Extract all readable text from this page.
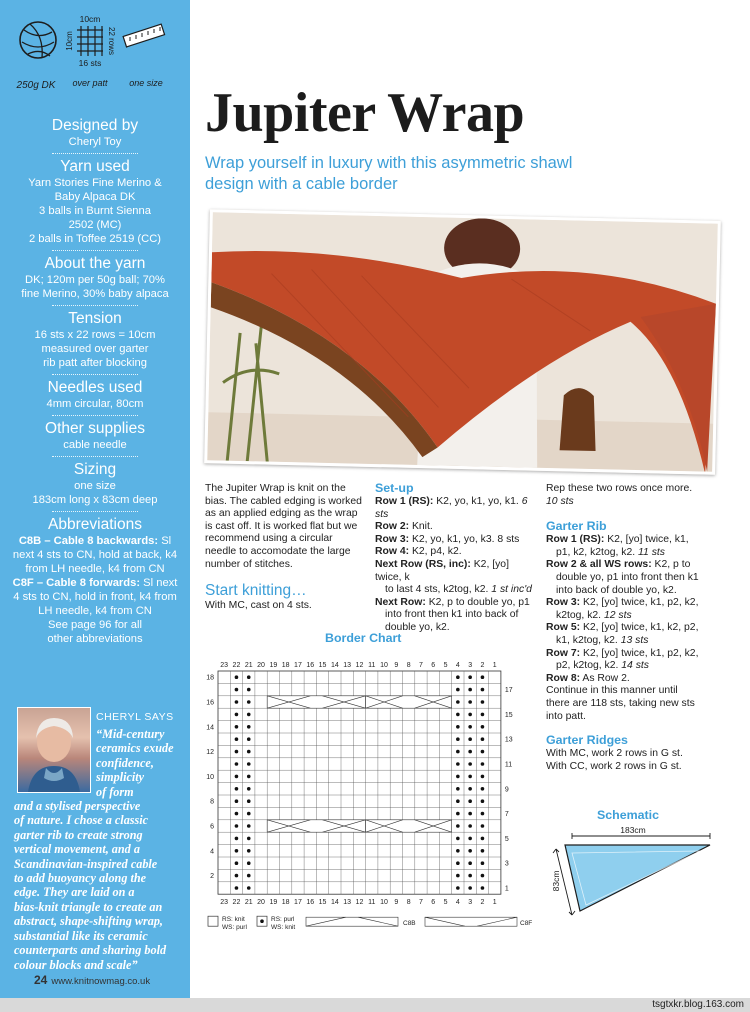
10cm
16 sts
10cm	22 rows
250g DK over patt one size
Designed by
Cheryl Toy
Yarn used
Yarn Stories Fine Merino &
Baby Alpaca DK
3 balls in Burnt Sienna
2502 (MC)
2 balls in Toffee 2519 (CC)
About the yarn
DK; 120m per 50g ball; 70%
fine Merino, 30% baby alpaca
Tension
16 sts x 22 rows = 10cm
measured over garter
rib patt after blocking
Needles used
4mm circular, 80cm
Other supplies
cable needle
Sizing
one size
183cm long x 83cm deep
Abbreviations
C8B – Cable 8 backwards: Sl next 4 sts to CN, hold at back, k4 from LH needle, k4 from CN
C8F – Cable 8 forwards: Sl next 4 sts to CN, hold in front, k4 from LH needle, k4 from CN
See page 96 for all other abbreviations
CHERYL SAYS
“Mid-century
ceramics exude
confidence,
simplicity
of form
and a stylised perspective
of nature. I chose a classic
garter rib to create strong
vertical movement, and a
Scandinavian-inspired cable
to add buoyancy along the
edge. They are laid on a
bias-knit triangle to create an
abstract, shape-shifting wrap,
substantial like its ceramic
counterparts and sharing bold
colour blocks and scale”
24 www.knitnowmag.co.uk
tsgtxkr.blog.163.com
Jupiter Wrap
Wrap yourself in luxury with this asymmetric shawl design with a cable border
The Jupiter Wrap is knit on the bias. The cabled edging is worked as an applied edging as the wrap is cast off. It is worked flat but we recommend using a circular needle to accomodate the large number of stitches.
Start knitting…
With MC, cast on 4 sts.
Set-up
Row 1 (RS): K2, yo, k1, yo, k1. 6 sts
Row 2: Knit.
Row 3: K2, yo, k1, yo, k3. 8 sts
Row 4: K2, p4, k2.
Next Row (RS, inc): K2, [yo] twice, k
to last 4 sts, k2tog, k2. 1 st inc'd
Next Row: K2, p to double yo, p1
into front then k1 into back of
double yo, k2.
Rep these two rows once more.
10 sts
Garter Rib
Row 1 (RS): K2, [yo] twice, k1,
p1, k2, k2tog, k2. 11 sts
Row 2 & all WS rows: K2, p to
double yo, p1 into front then k1
into back of double yo, k2.
Row 3: K2, [yo] twice, k1, p2, k2,
k2tog, k2. 12 sts
Row 5: K2, [yo] twice, k1, k2, p2,
k1, k2tog, k2. 13 sts
Row 7: K2, [yo] twice, k1, p2, k2,
p2, k2tog, k2. 14 sts
Row 8: As Row 2.
Continue in this manner until
there are 118 sts, taking new sts
into patt.
Garter Ridges
With MC, work 2 rows in G st.
With CC, work 2 rows in G st.
Border Chart
23
23
22
22
21
21
20
20
19
19
18
18
17
17
16
16
15
15
14
14
13
13
12
12
11
11
10
10
9
9
8
8
7
7
6
6
5
5
4
4
3
3
2
2
1
1
18
16
14
12
10
8
6
4
2
17
15
13
11
9
7
5
3
1
RS: knit
WS: purl
RS: purl
WS: knit
C8B	C8F
Schematic
183cm
83cm
